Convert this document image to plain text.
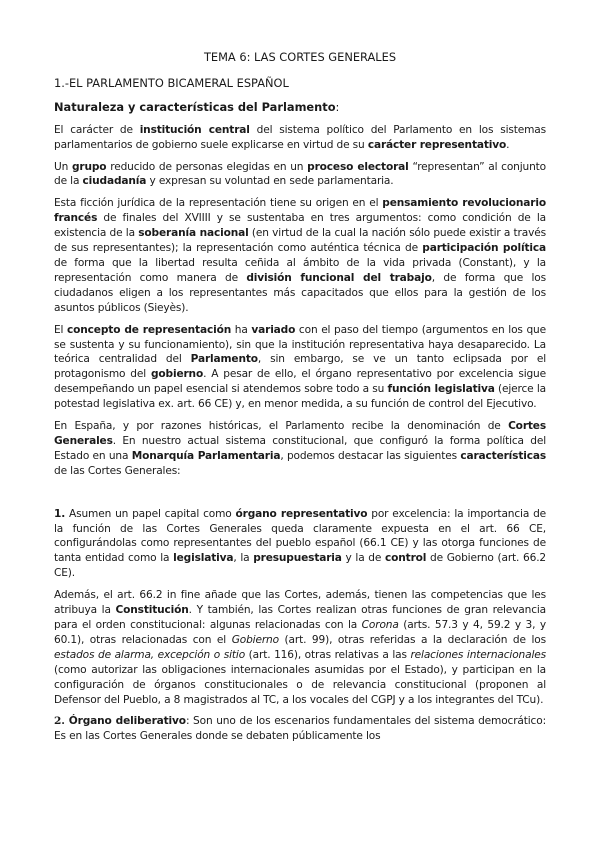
TEMA 6: LAS CORTES GENERALES
1.-EL PARLAMENTO BICAMERAL ESPAÑOL
Naturaleza y características del Parlamento:

El carácter de institución central del sistema político del Parlamento en los sistemas parlamentarios de gobierno suele explicarse en virtud de su carácter representativo.

Un grupo reducido de personas elegidas en un proceso electoral “representan” al conjunto de la ciudadanía y expresan su voluntad en sede parlamentaria.

Esta ficción jurídica de la representación tiene su origen en el pensamiento revolucionario francés de finales del XVIIII y se sustentaba en tres argumentos: como condición de la existencia de la soberanía nacional (en virtud de la cual la nación sólo puede existir a través de sus representantes); la representación como auténtica técnica de participación política de forma que la libertad resulta ceñida al ámbito de la vida privada (Constant), y la representación como manera de división funcional del trabajo, de forma que los ciudadanos eligen a los representantes más capacitados que ellos para la gestión de los asuntos públicos (Sieyès).

El concepto de representación ha variado con el paso del tiempo (argumentos en los que se sustenta y su funcionamiento), sin que la institución representativa haya desaparecido. La teórica centralidad del Parlamento, sin embargo, se ve un tanto eclipsada por el protagonismo del gobierno. A pesar de ello, el órgano representativo por excelencia sigue desempeñando un papel esencial si atendemos sobre todo a su función legislativa (ejerce la potestad legislativa ex. art. 66 CE) y, en menor medida, a su función de control del Ejecutivo.

En España, y por razones históricas, el Parlamento recibe la denominación de Cortes Generales. En nuestro actual sistema constitucional, que configuró la forma política del Estado en una Monarquía Parlamentaria, podemos destacar las siguientes características de las Cortes Generales:

1. Asumen un papel capital como órgano representativo por excelencia: la importancia de la función de las Cortes Generales queda claramente expuesta en el art. 66 CE, configurándolas como representantes del pueblo español (66.1 CE) y las otorga funciones de tanta entidad como la legislativa, la presupuestaria y la de control de Gobierno (art. 66.2 CE).

Además, el art. 66.2 in fine añade que las Cortes, además, tienen las competencias que les atribuya la Constitución. Y también, las Cortes realizan otras funciones de gran relevancia para el orden constitucional: algunas relacionadas con la Corona (arts. 57.3 y 4, 59.2 y 3, y 60.1), otras relacionadas con el Gobierno (art. 99), otras referidas a la declaración de los estados de alarma, excepción o sitio (art. 116), otras relativas a las relaciones internacionales (como autorizar las obligaciones internacionales asumidas por el Estado), y participan en la configuración de órganos constitucionales o de relevancia constitucional (proponen al Defensor del Pueblo, a 8 magistrados al TC, a los vocales del CGPJ y a los integrantes del TCu).

2. Órgano deliberativo: Son uno de los escenarios fundamentales del sistema democrático: Es en las Cortes Generales donde se debaten públicamente los
